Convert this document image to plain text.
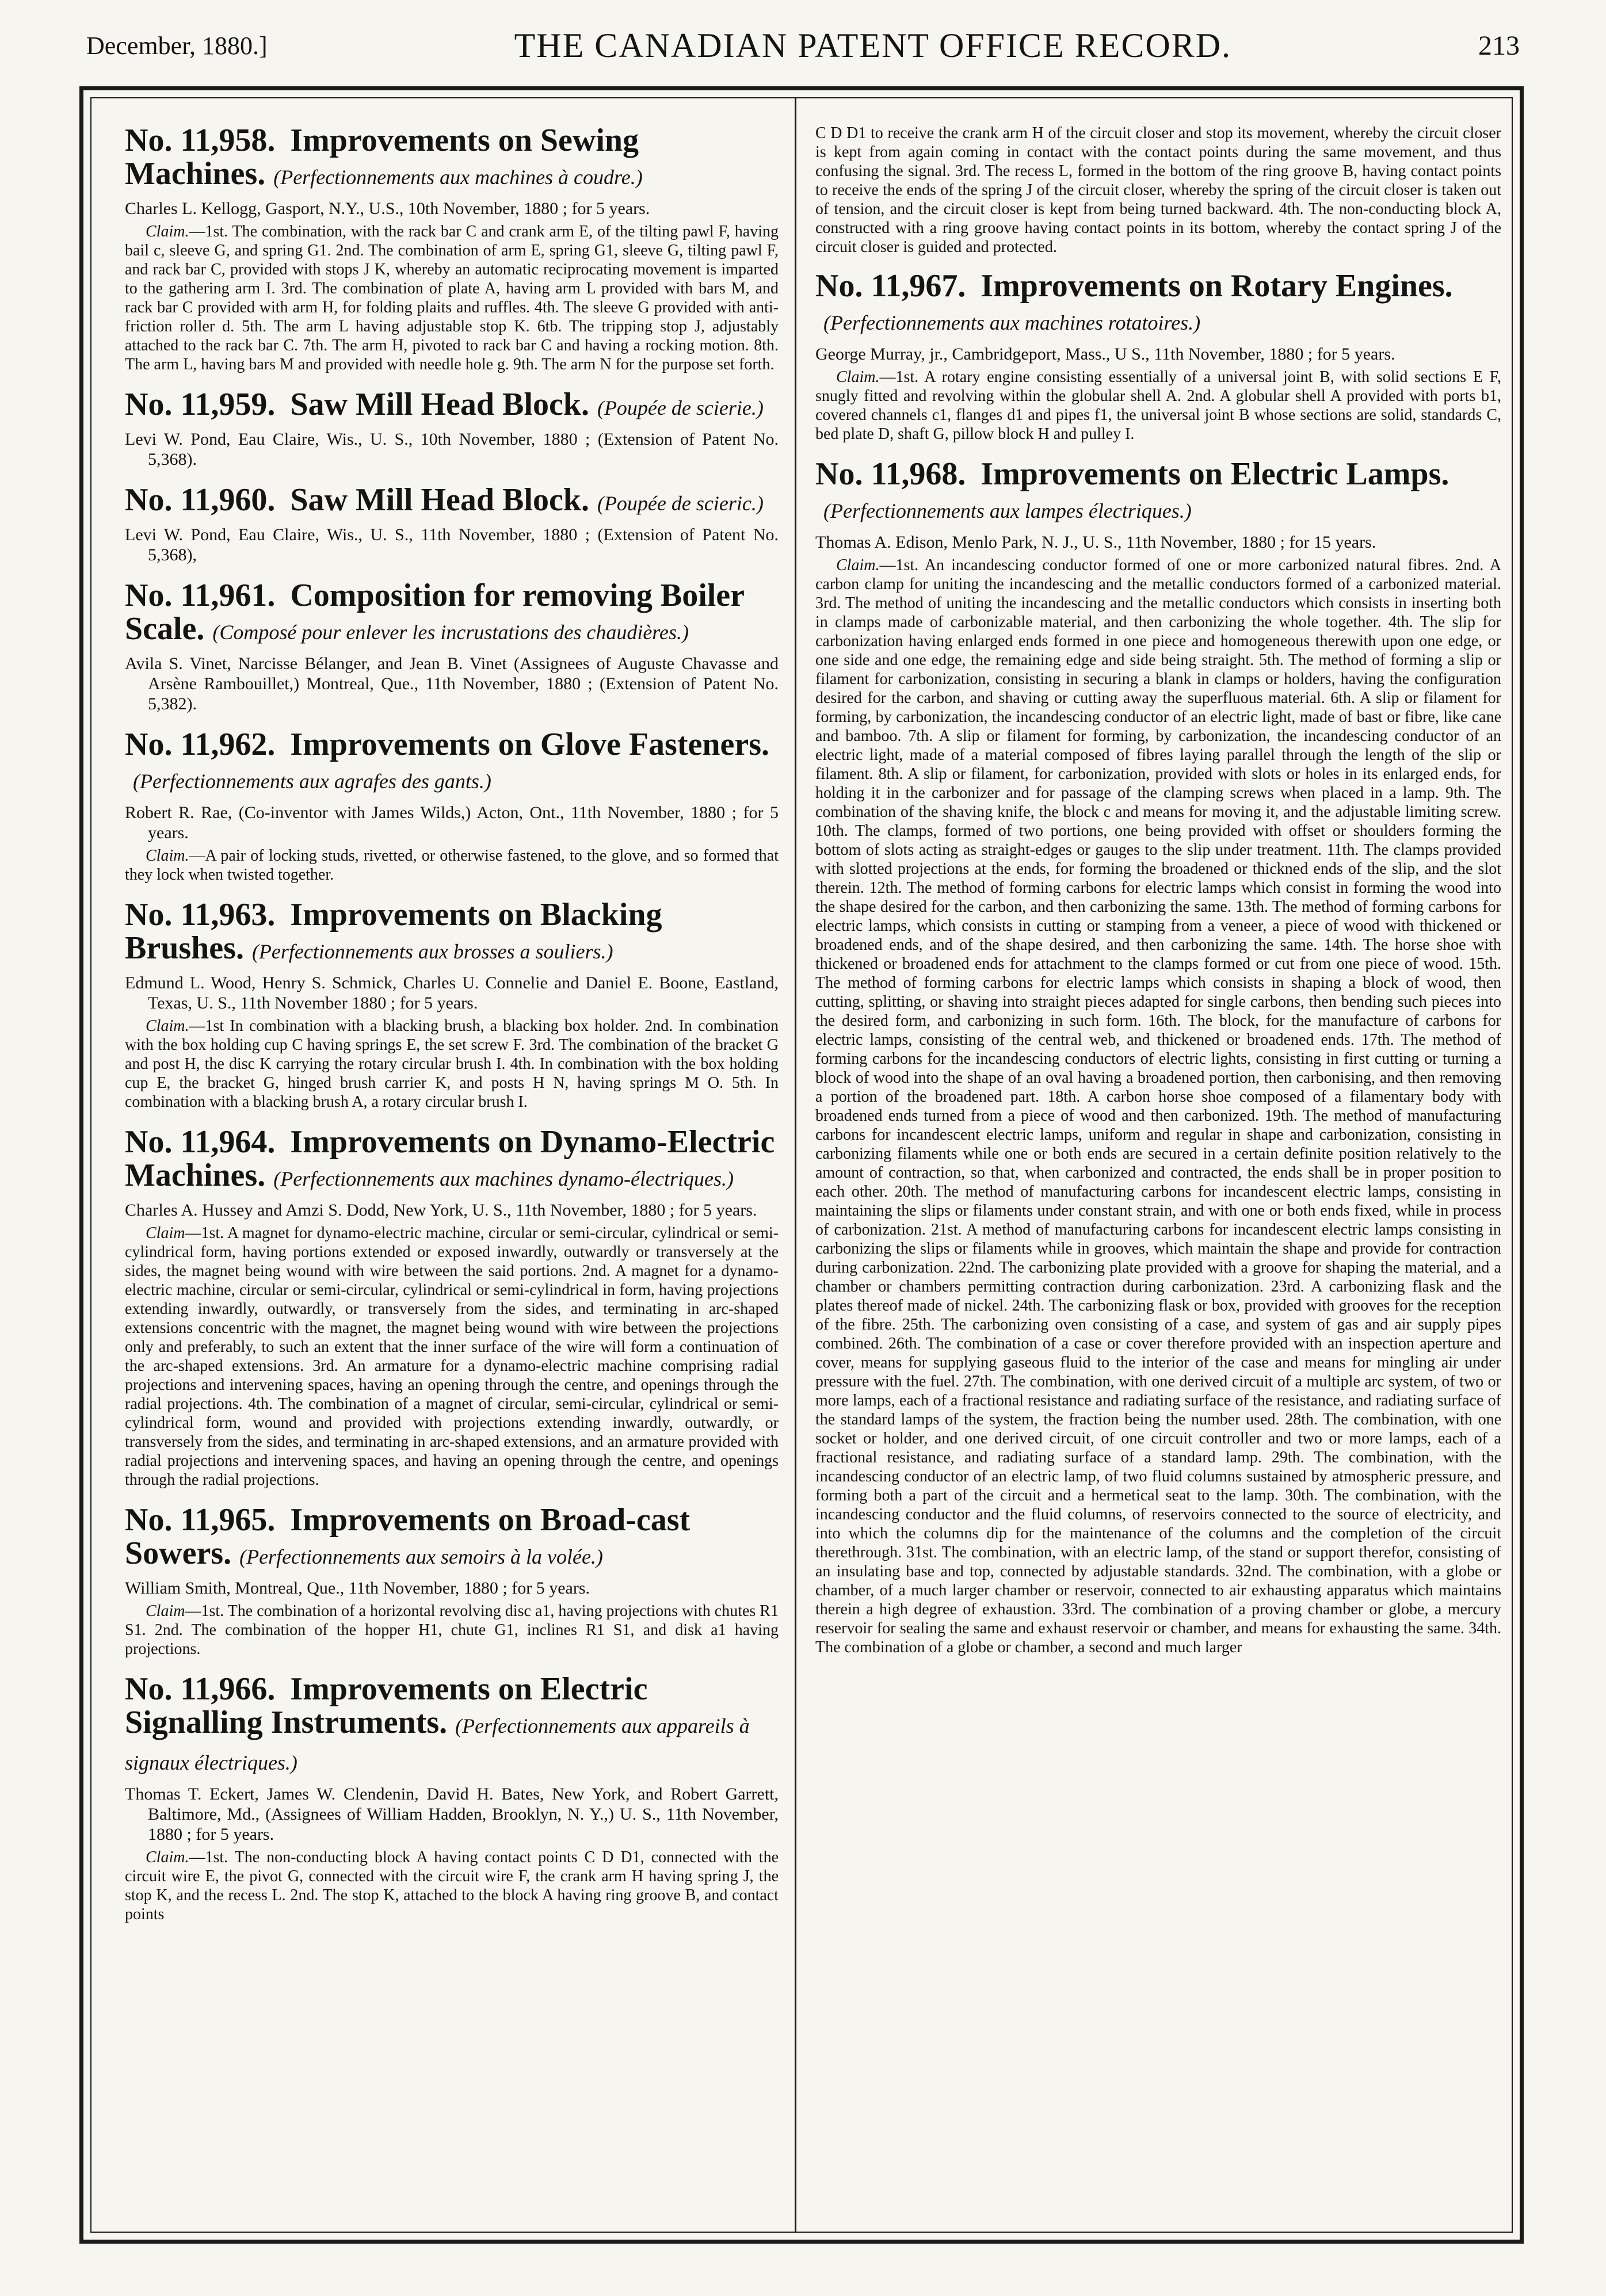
December, 1880.]	THE CANADIAN PATENT OFFICE RECORD.	213

No. 11,958. Improvements on Sewing Machines. (Perfectionnements aux machines à coudre.)

Charles L. Kellogg, Gasport, N.Y., U.S., 10th November, 1880 ; for 5 years.

Claim.—1st. The combination, with the rack bar C and crank arm E, of the tilting pawl F, having bail c, sleeve G, and spring G1. 2nd. The combination of arm E, spring G1, sleeve G, tilting pawl F, and rack bar C, provided with stops J K, whereby an automatic reciprocating movement is imparted to the gathering arm I. 3rd. The combination of plate A, having arm L provided with bars M, and rack bar C provided with arm H, for folding plaits and ruffles. 4th. The sleeve G provided with anti-friction roller d. 5th. The arm L having adjustable stop K. 6tb. The tripping stop J, adjustably attached to the rack bar C. 7th. The arm H, pivoted to rack bar C and having a rocking motion. 8th. The arm L, having bars M and provided with needle hole g. 9th. The arm N for the purpose set forth.

No. 11,959. Saw Mill Head Block. (Poupée de scierie.)

Levi W. Pond, Eau Claire, Wis., U. S., 10th November, 1880 ; (Extension of Patent No. 5,368).

No. 11,960. Saw Mill Head Block. (Poupée de scieric.)

Levi W. Pond, Eau Claire, Wis., U. S., 11th November, 1880 ; (Extension of Patent No. 5,368),

No. 11,961. Composition for removing Boiler Scale. (Composé pour enlever les incrustations des chaudières.)

Avila S. Vinet, Narcisse Bélanger, and Jean B. Vinet (Assignees of Auguste Chavasse and Arsène Rambouillet,) Montreal, Que., 11th November, 1880 ; (Extension of Patent No. 5,382).

No. 11,962. Improvements on Glove Fasteners.(Perfectionnements aux agrafes des gants.)

Robert R. Rae, (Co-inventor with James Wilds,) Acton, Ont., 11th November, 1880 ; for 5 years.

Claim.—A pair of locking studs, rivetted, or otherwise fastened, to the glove, and so formed that they lock when twisted together.

No. 11,963. Improvements on Blacking Brushes. (Perfectionnements aux brosses a souliers.)

Edmund L. Wood, Henry S. Schmick, Charles U. Connelie and Daniel E. Boone, Eastland, Texas, U. S., 11th November 1880 ; for 5 years.

Claim.—1st In combination with a blacking brush, a blacking box holder. 2nd. In combination with the box holding cup C having springs E, the set screw F. 3rd. The combination of the bracket G and post H, the disc K carrying the rotary circular brush I. 4th. In combination with the box holding cup E, the bracket G, hinged brush carrier K, and posts H N, having springs M O. 5th. In combination with a blacking brush A, a rotary circular brush I.

No. 11,964. Improvements on Dynamo-Electric Machines. (Perfectionnements aux machines dynamo-électriques.)

Charles A. Hussey and Amzi S. Dodd, New York, U. S., 11th November, 1880 ; for 5 years.

Claim—1st. A magnet for dynamo-electric machine, circular or semi-circular, cylindrical or semi-cylindrical form, having portions extended or exposed inwardly, outwardly or transversely at the sides, the magnet being wound with wire between the said portions. 2nd. A magnet for a dynamo-electric machine, circular or semi-circular, cylindrical or semi-cylindrical in form, having projections extending inwardly, outwardly, or transversely from the sides, and terminating in arc-shaped extensions concentric with the magnet, the magnet being wound with wire between the projections only and preferably, to such an extent that the inner surface of the wire will form a continuation of the arc-shaped extensions. 3rd. An armature for a dynamo-electric machine comprising radial projections and intervening spaces, having an opening through the centre, and openings through the radial projections. 4th. The combination of a magnet of circular, semi-circular, cylindrical or semi-cylindrical form, wound and provided with projections extending inwardly, outwardly, or transversely from the sides, and terminating in arc-shaped extensions, and an armature provided with radial projections and intervening spaces, and having an opening through the centre, and openings through the radial projections.

No. 11,965. Improvements on Broad-cast Sowers. (Perfectionnements aux semoirs à la volée.)

William Smith, Montreal, Que., 11th November, 1880 ; for 5 years.

Claim—1st. The combination of a horizontal revolving disc a1, having projections with chutes R1 S1. 2nd. The combination of the hopper H1, chute G1, inclines R1 S1, and disk a1 having projections.

No. 11,966. Improvements on Electric Signalling Instruments. (Perfectionnements aux appareils à signaux électriques.)

Thomas T. Eckert, James W. Clendenin, David H. Bates, New York, and Robert Garrett, Baltimore, Md., (Assignees of William Hadden, Brooklyn, N. Y.,) U. S., 11th November, 1880 ; for 5 years.

Claim.—1st. The non-conducting block A having contact points C D D1, connected with the circuit wire E, the pivot G, connected with the circuit wire F, the crank arm H having spring J, the stop K, and the recess L. 2nd. The stop K, attached to the block A having ring groove B, and contact points

C D D1 to receive the crank arm H of the circuit closer and stop its movement, whereby the circuit closer is kept from again coming in contact with the contact points during the same movement, and thus confusing the signal. 3rd. The recess L, formed in the bottom of the ring groove B, having contact points to receive the ends of the spring J of the circuit closer, whereby the spring of the circuit closer is taken out of tension, and the circuit closer is kept from being turned backward. 4th. The non-conducting block A, constructed with a ring groove having contact points in its bottom, whereby the contact spring J of the circuit closer is guided and protected.

No. 11,967. Improvements on Rotary Engines.(Perfectionnements aux machines rotatoires.)

George Murray, jr., Cambridgeport, Mass., U S., 11th November, 1880 ; for 5 years.

Claim.—1st. A rotary engine consisting essentially of a universal joint B, with solid sections E F, snugly fitted and revolving within the globular shell A. 2nd. A globular shell A provided with ports b1, covered channels c1, flanges d1 and pipes f1, the universal joint B whose sections are solid, standards C, bed plate D, shaft G, pillow block H and pulley I.

No. 11,968. Improvements on Electric Lamps.(Perfectionnements aux lampes électriques.)

Thomas A. Edison, Menlo Park, N. J., U. S., 11th November, 1880 ; for 15 years.

Claim.—1st. An incandescing conductor formed of one or more carbonized natural fibres. 2nd. A carbon clamp for uniting the incandescing and the metallic conductors formed of a carbonized material. 3rd. The method of uniting the incandescing and the metallic conductors which consists in inserting both in clamps made of carbonizable material, and then carbonizing the whole together. 4th. The slip for carbonization having enlarged ends formed in one piece and homogeneous therewith upon one edge, or one side and one edge, the remaining edge and side being straight. 5th. The method of forming a slip or filament for carbonization, consisting in securing a blank in clamps or holders, having the configuration desired for the carbon, and shaving or cutting away the superfluous material. 6th. A slip or filament for forming, by carbonization, the incandescing conductor of an electric light, made of bast or fibre, like cane and bamboo. 7th. A slip or filament for forming, by carbonization, the incandescing conductor of an electric light, made of a material composed of fibres laying parallel through the length of the slip or filament. 8th. A slip or filament, for carbonization, provided with slots or holes in its enlarged ends, for holding it in the carbonizer and for passage of the clamping screws when placed in a lamp. 9th. The combination of the shaving knife, the block c and means for moving it, and the adjustable limiting screw. 10th. The clamps, formed of two portions, one being provided with offset or shoulders forming the bottom of slots acting as straight-edges or gauges to the slip under treatment. 11th. The clamps provided with slotted projections at the ends, for forming the broadened or thickned ends of the slip, and the slot therein. 12th. The method of forming carbons for electric lamps which consist in forming the wood into the shape desired for the carbon, and then carbonizing the same. 13th. The method of forming carbons for electric lamps, which consists in cutting or stamping from a veneer, a piece of wood with thickened or broadened ends, and of the shape desired, and then carbonizing the same. 14th. The horse shoe with thickened or broadened ends for attachment to the clamps formed or cut from one piece of wood. 15th. The method of forming carbons for electric lamps which consists in shaping a block of wood, then cutting, splitting, or shaving into straight pieces adapted for single carbons, then bending such pieces into the desired form, and carbonizing in such form. 16th. The block, for the manufacture of carbons for electric lamps, consisting of the central web, and thickened or broadened ends. 17th. The method of forming carbons for the incandescing conductors of electric lights, consisting in first cutting or turning a block of wood into the shape of an oval having a broadened portion, then carbonising, and then removing a portion of the broadened part. 18th. A carbon horse shoe composed of a filamentary body with broadened ends turned from a piece of wood and then carbonized. 19th. The method of manufacturing carbons for incandescent electric lamps, uniform and regular in shape and carbonization, consisting in carbonizing filaments while one or both ends are secured in a certain definite position relatively to the amount of contraction, so that, when carbonized and contracted, the ends shall be in proper position to each other. 20th. The method of manufacturing carbons for incandescent electric lamps, consisting in maintaining the slips or filaments under constant strain, and with one or both ends fixed, while in process of carbonization. 21st. A method of manufacturing carbons for incandescent electric lamps consisting in carbonizing the slips or filaments while in grooves, which maintain the shape and provide for contraction during carbonization. 22nd. The carbonizing plate provided with a groove for shaping the material, and a chamber or chambers permitting contraction during carbonization. 23rd. A carbonizing flask and the plates thereof made of nickel. 24th. The carbonizing flask or box, provided with grooves for the reception of the fibre. 25th. The carbonizing oven consisting of a case, and system of gas and air supply pipes combined. 26th. The combination of a case or cover therefore provided with an inspection aperture and cover, means for supplying gaseous fluid to the interior of the case and means for mingling air under pressure with the fuel. 27th. The combination, with one derived circuit of a multiple arc system, of two or more lamps, each of a fractional resistance and radiating surface of the resistance, and radiating surface of the standard lamps of the system, the fraction being the number used. 28th. The combination, with one socket or holder, and one derived circuit, of one circuit controller and two or more lamps, each of a fractional resistance, and radiating surface of a standard lamp. 29th. The combination, with the incandescing conductor of an electric lamp, of two fluid columns sustained by atmospheric pressure, and forming both a part of the circuit and a hermetical seat to the lamp. 30th. The combination, with the incandescing conductor and the fluid columns, of reservoirs connected to the source of electricity, and into which the columns dip for the maintenance of the columns and the completion of the circuit therethrough. 31st. The combination, with an electric lamp, of the stand or support therefor, consisting of an insulating base and top, connected by adjustable standards. 32nd. The combination, with a globe or chamber, of a much larger chamber or reservoir, connected to air exhausting apparatus which maintains therein a high degree of exhaustion. 33rd. The combination of a proving chamber or globe, a mercury reservoir for sealing the same and exhaust reservoir or chamber, and means for exhausting the same. 34th. The combination of a globe or chamber, a second and much larger
